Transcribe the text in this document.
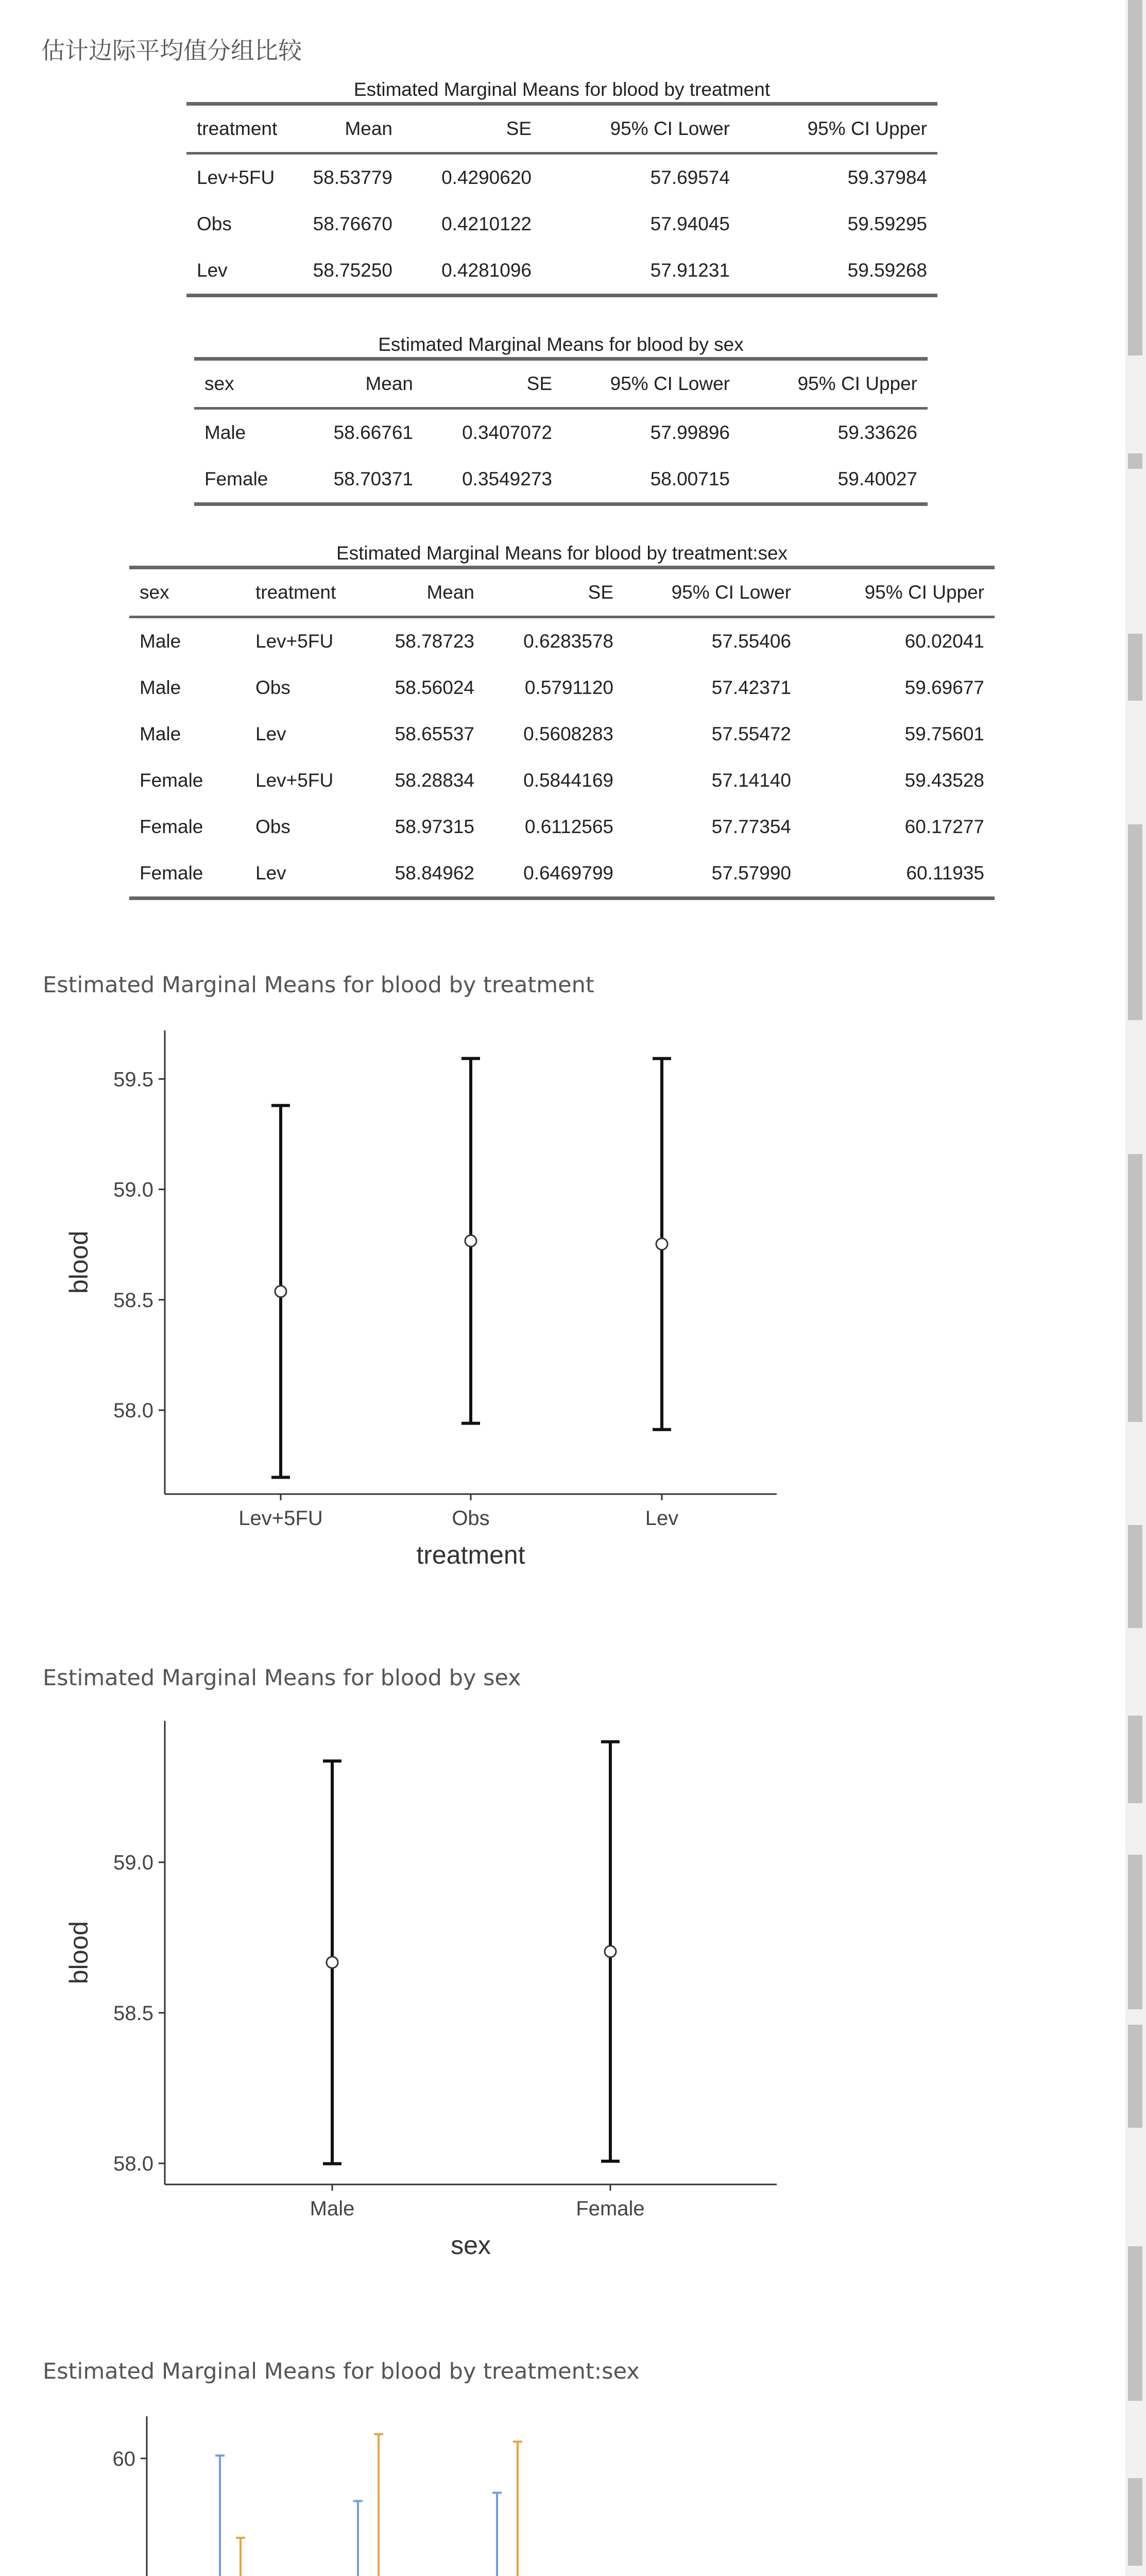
估计边际平均值分组比较
Estimated Marginal Means for blood by treatment
treatment	Mean	SE	95% CI Lower	95% CI Upper
Lev+5FU	58.53779	0.4290620	57.69574	59.37984
Obs	58.76670	0.4210122	57.94045	59.59295
Lev	58.75250	0.4281096	57.91231	59.59268
Estimated Marginal Means for blood by sex
sex	Mean	SE	95% CI Lower	95% CI Upper
Male	58.66761	0.3407072	57.99896	59.33626
Female	58.70371	0.3549273	58.00715	59.40027
Estimated Marginal Means for blood by treatment:sex
sex	treatment	Mean	SE	95% CI Lower	95% CI Upper
Male	Lev+5FU	58.78723	0.6283578	57.55406	60.02041
Male	Obs	58.56024	0.5791120	57.42371	59.69677
Male	Lev	58.65537	0.5608283	57.55472	59.75601
Female	Lev+5FU	58.28834	0.5844169	57.14140	59.43528
Female	Obs	58.97315	0.6112565	57.77354	60.17277
Female	Lev	58.84962	0.6469799	57.57990	60.11935
Estimated Marginal Means for blood by treatment
58.0
58.5
59.0
59.5
Lev+5FU	Obs	Lev
treatment
blood
Estimated Marginal Means for blood by sex
58.0
58.5
59.0
Male	Female
sex
blood
Estimated Marginal Means for blood by treatment:sex
60
